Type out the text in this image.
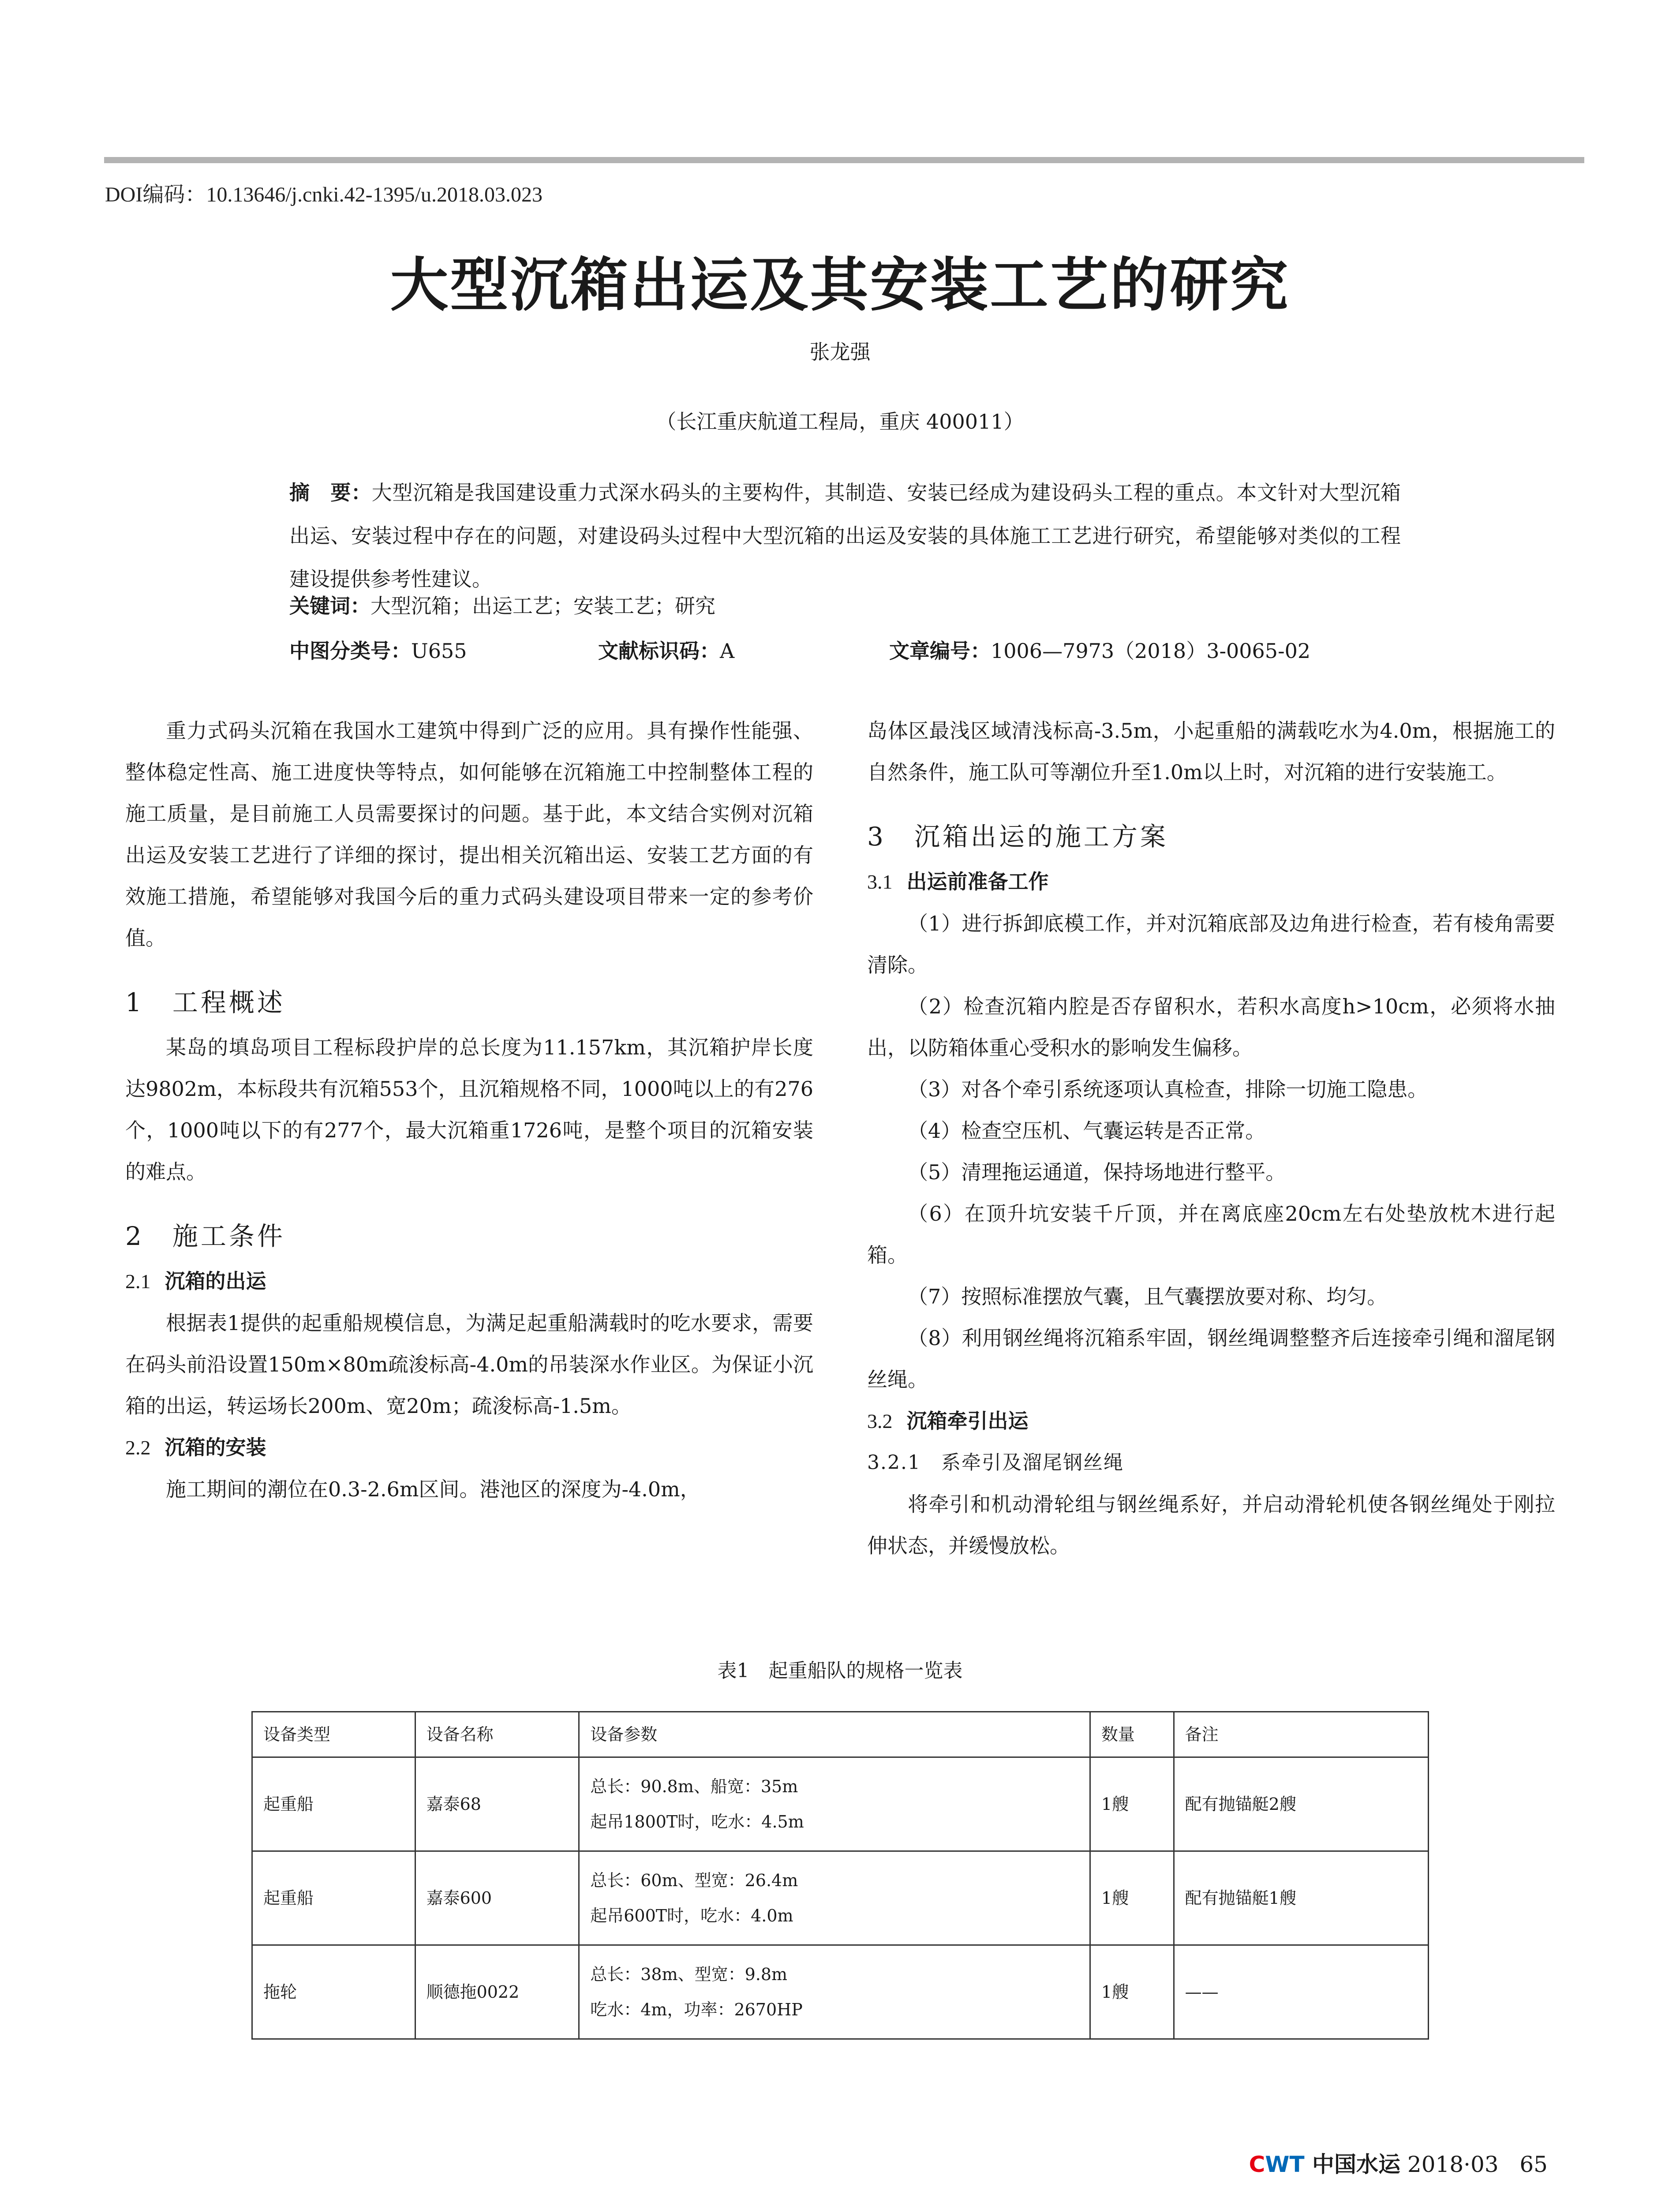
DOI编码：10.13646/j.cnki.42-1395/u.2018.03.023
大型沉箱出运及其安装工艺的研究
张龙强
（长江重庆航道工程局，重庆 400011）
摘　要：大型沉箱是我国建设重力式深水码头的主要构件，其制造、安装已经成为建设码头工程的重点。本文针对大型沉箱出运、安装过程中存在的问题，对建设码头过程中大型沉箱的出运及安装的具体施工工艺进行研究，希望能够对类似的工程建设提供参考性建议。
关键词：大型沉箱；出运工艺；安装工艺；研究
中图分类号：U655	文献标识码：A	文章编号：1006—7973（2018）3-0065-02

重力式码头沉箱在我国水工建筑中得到广泛的应用。具有操作性能强、整体稳定性高、施工进度快等特点，如何能够在沉箱施工中控制整体工程的施工质量，是目前施工人员需要探讨的问题。基于此，本文结合实例对沉箱出运及安装工艺进行了详细的探讨，提出相关沉箱出运、安装工艺方面的有效施工措施，希望能够对我国今后的重力式码头建设项目带来一定的参考价值。

1　工程概述

某岛的填岛项目工程标段护岸的总长度为11.157km，其沉箱护岸长度达9802m，本标段共有沉箱553个，且沉箱规格不同，1000吨以上的有276个，1000吨以下的有277个，最大沉箱重1726吨，是整个项目的沉箱安装的难点。

2　施工条件
2.1 沉箱的出运

根据表1提供的起重船规模信息，为满足起重船满载时的吃水要求，需要在码头前沿设置150m×80m疏浚标高-4.0m的吊装深水作业区。为保证小沉箱的出运，转运场长200m、宽20m；疏浚标高-1.5m。

2.2 沉箱的安装

施工期间的潮位在0.3-2.6m区间。港池区的深度为-4.0m，

岛体区最浅区域清浅标高-3.5m，小起重船的满载吃水为4.0m，根据施工的自然条件，施工队可等潮位升至1.0m以上时，对沉箱的进行安装施工。

3　沉箱出运的施工方案
3.1 出运前准备工作

（1）进行拆卸底模工作，并对沉箱底部及边角进行检查，若有棱角需要清除。

（2）检查沉箱内腔是否存留积水，若积水高度h>10cm，必须将水抽出，以防箱体重心受积水的影响发生偏移。

（3）对各个牵引系统逐项认真检查，排除一切施工隐患。

（4）检查空压机、气囊运转是否正常。

（5）清理拖运通道，保持场地进行整平。

（6）在顶升坑安装千斤顶，并在离底座20cm左右处垫放枕木进行起箱。

（7）按照标准摆放气囊，且气囊摆放要对称、均匀。

（8）利用钢丝绳将沉箱系牢固，钢丝绳调整整齐后连接牵引绳和溜尾钢丝绳。

3.2 沉箱牵引出运
3.2.1　系牵引及溜尾钢丝绳

将牵引和机动滑轮组与钢丝绳系好，并启动滑轮机使各钢丝绳处于刚拉伸状态，并缓慢放松。

表1　起重船队的规格一览表
设备类型	设备名称	设备参数	数量	备注
起重船	嘉泰68	总长：90.8m、船宽：35m
起吊1800T时，吃水：4.5m	1艘	配有抛锚艇2艘
起重船	嘉泰600	总长：60m、型宽：26.4m
起吊600T时，吃水：4.0m	1艘	配有抛锚艇1艘
拖轮	顺德拖0022	总长：38m、型宽：9.8m
吃水：4m，功率：2670HP	1艘	——
CWT 中国水运 2018·03 65
